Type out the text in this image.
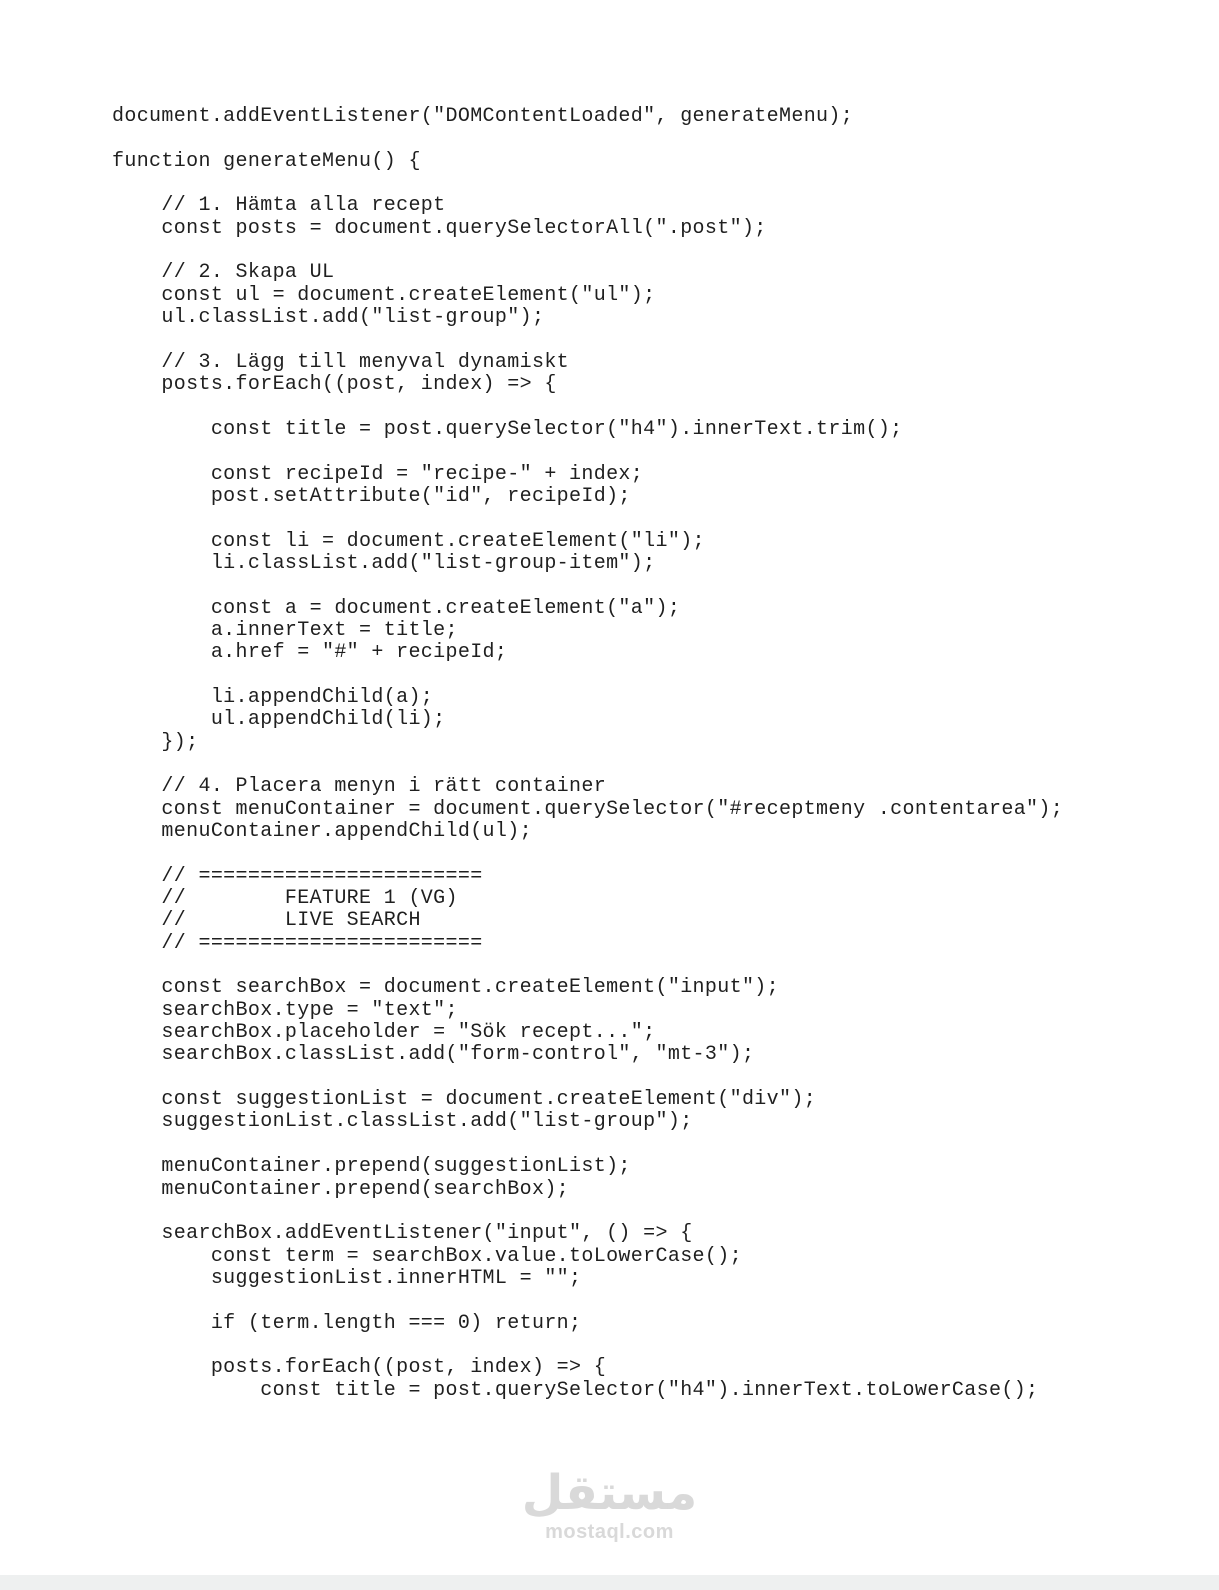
document.addEventListener("DOMContentLoaded", generateMenu);

function generateMenu() {

// 1. Hämta alla recept
const posts = document.querySelectorAll(".post");

// 2. Skapa UL
const ul = document.createElement("ul");
ul.classList.add("list-group");

// 3. Lägg till menyval dynamiskt
posts.forEach((post, index) => {

const title = post.querySelector("h4").innerText.trim();

const recipeId = "recipe-" + index;
post.setAttribute("id", recipeId);

const li = document.createElement("li");
li.classList.add("list-group-item");

const a = document.createElement("a");
a.innerText = title;
a.href = "#" + recipeId;

li.appendChild(a);
ul.appendChild(li);
});

// 4. Placera menyn i rätt container
const menuContainer = document.querySelector("#receptmeny .contentarea");
menuContainer.appendChild(ul);

// =======================
//        FEATURE 1 (VG)
//        LIVE SEARCH
// =======================

const searchBox = document.createElement("input");
searchBox.type = "text";
searchBox.placeholder = "Sök recept...";
searchBox.classList.add("form-control", "mt-3");

const suggestionList = document.createElement("div");
suggestionList.classList.add("list-group");

menuContainer.prepend(suggestionList);
menuContainer.prepend(searchBox);

searchBox.addEventListener("input", () => {
const term = searchBox.value.toLowerCase();
suggestionList.innerHTML = "";

if (term.length === 0) return;

posts.forEach((post, index) => {
const title = post.querySelector("h4").innerText.toLowerCase();
مستقل
mostaql.com
